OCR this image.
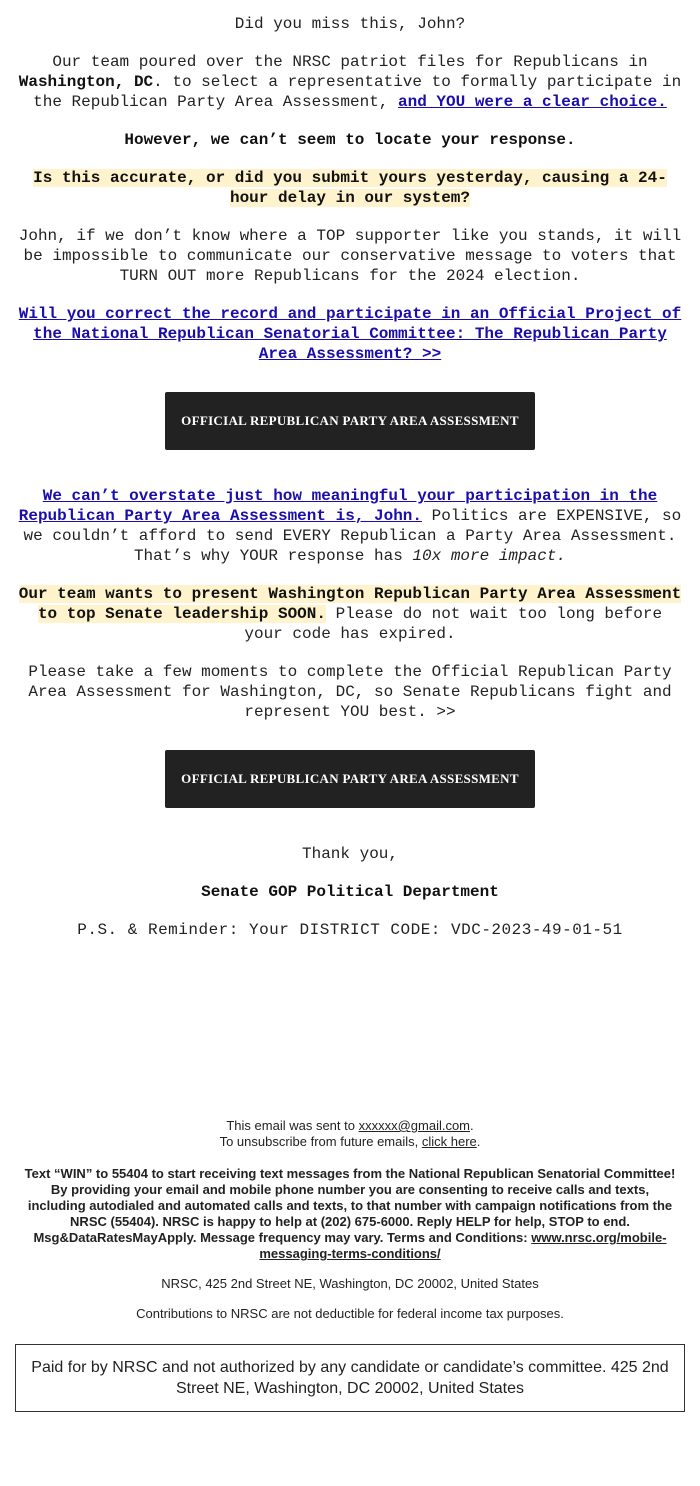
Did you miss this, John?

Our team poured over the NRSC patriot files for Republicans in Washington, DC. to select a representative to formally participate in the Republican Party Area Assessment, and YOU were a clear choice.

However, we can’t seem to locate your response.

Is this accurate, or did you submit yours yesterday, causing a 24-hour delay in our system?

John, if we don’t know where a TOP supporter like you stands, it will be impossible to communicate our conservative message to voters that TURN OUT more Republicans for the 2024 election.

Will you correct the record and participate in an Official Project of the National Republican Senatorial Committee: The Republican Party Area Assessment? >>

OFFICIAL REPUBLICAN PARTY AREA ASSESSMENT

We can’t overstate just how meaningful your participation in the Republican Party Area Assessment is, John. Politics are EXPENSIVE, so we couldn’t afford to send EVERY Republican a Party Area Assessment. That’s why YOUR response has 10x more impact.

Our team wants to present Washington Republican Party Area Assessment to top Senate leadership SOON. Please do not wait too long before your code has expired.

Please take a few moments to complete the Official Republican Party Area Assessment for Washington, DC, so Senate Republicans fight and represent YOU best. >>

OFFICIAL REPUBLICAN PARTY AREA ASSESSMENT

Thank you,

Senate GOP Political Department

P.S. & Reminder: Your DISTRICT CODE: VDC-2023-49-01-51

This email was sent to xxxxxx@gmail.com.
To unsubscribe from future emails, click here.
Text “WIN” to 55404 to start receiving text messages from the National Republican Senatorial Committee! By providing your email and mobile phone number you are consenting to receive calls and texts, including autodialed and automated calls and texts, to that number with campaign notifications from the NRSC (55404). NRSC is happy to help at (202) 675-6000. Reply HELP for help, STOP to end. Msg&DataRatesMayApply. Message frequency may vary. Terms and Conditions: www.nrsc.org/mobile-messaging-terms-conditions/
NRSC, 425 2nd Street NE, Washington, DC 20002, United States
Contributions to NRSC are not deductible for federal income tax purposes.
Paid for by NRSC and not authorized by any candidate or candidate’s committee. 425 2nd Street NE, Washington, DC 20002, United States
